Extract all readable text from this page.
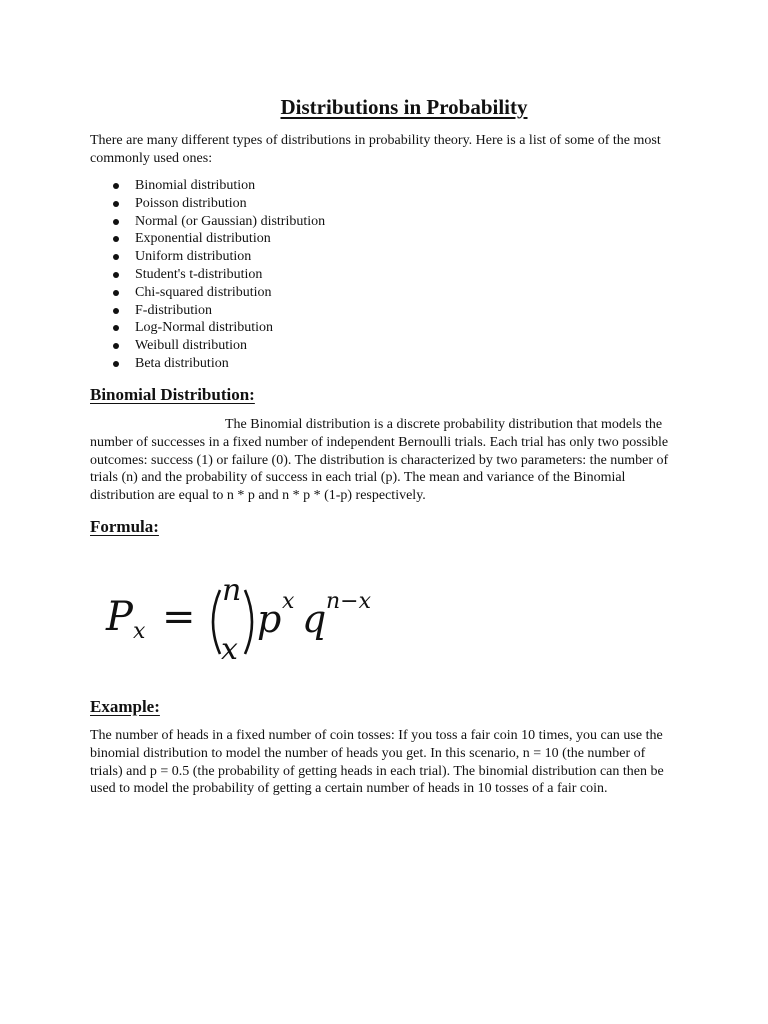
Distributions in Probability

There are many different types of distributions in probability theory. Here is a list of some of the most commonly used ones:

Binomial distribution
Poisson distribution
Normal (or Gaussian) distribution
Exponential distribution
Uniform distribution
Student's t-distribution
Chi-squared distribution
F-distribution
Log-Normal distribution
Weibull distribution
Beta distribution
Binomial Distribution:

The Binomial distribution is a discrete probability distribution that models the number of successes in a fixed number of independent Bernoulli trials. Each trial has only two possible outcomes: success (1) or failure (0). The distribution is characterized by two parameters: the number of trials (n) and the probability of success in each trial (p). The mean and variance of the Binomial distribution are equal to n * p and n * p * (1-p) respectively.

Formula:
P x =
n
x
p x q n−x
Example:

The number of heads in a fixed number of coin tosses: If you toss a fair coin 10 times, you can use the binomial distribution to model the number of heads you get. In this scenario, n = 10 (the number of trials) and p = 0.5 (the probability of getting heads in each trial). The binomial distribution can then be used to model the probability of getting a certain number of heads in 10 tosses of a fair coin.
